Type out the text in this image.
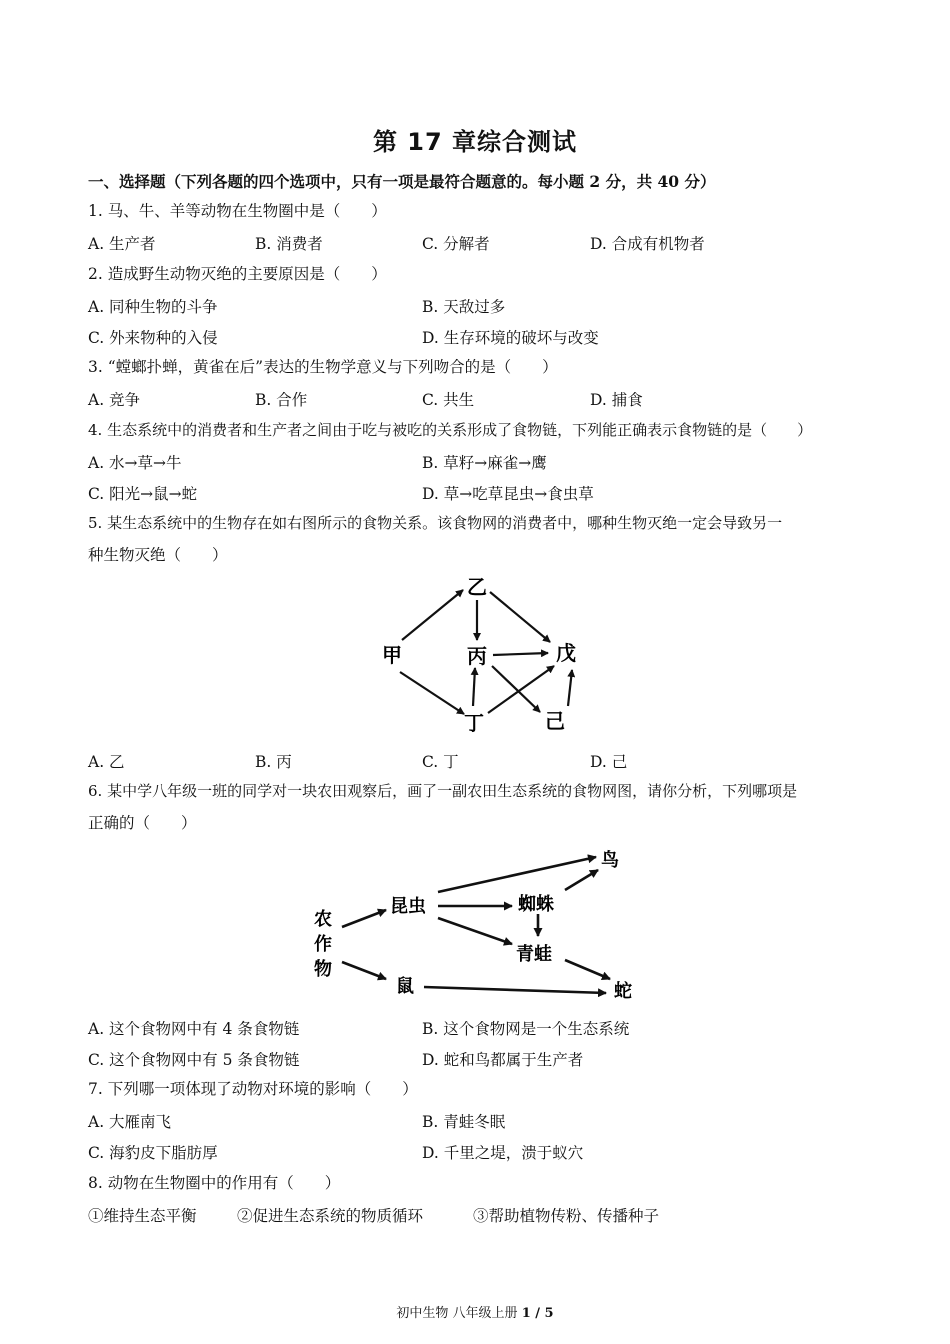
第 17 章综合测试
一、选择题（下列各题的四个选项中，只有一项是最符合题意的。每小题 2 分，共 40 分）
1. 马、牛、羊等动物在生物圈中是（　　）
A. 生产者	B. 消费者	C. 分解者	D. 合成有机物者
2. 造成野生动物灭绝的主要原因是（　　）
A. 同种生物的斗争	B. 天敌过多
C. 外来物种的入侵	D. 生存环境的破坏与改变
3. “螳螂扑蝉，黄雀在后”表达的生物学意义与下列吻合的是（　　）
A. 竞争	B. 合作	C. 共生	D. 捕食
4. 生态系统中的消费者和生产者之间由于吃与被吃的关系形成了食物链，下列能正确表示食物链的是（　　）
A. 水→草→牛	B. 草籽→麻雀→鹰
C. 阳光→鼠→蛇	D. 草→吃草昆虫→食虫草
5. 某生态系统中的生物存在如右图所示的食物关系。该食物网的消费者中，哪种生物灭绝一定会导致另一
种生物灭绝（　　）
甲
乙
丙	戊
丁	己
A. 乙	B. 丙	C. 丁	D. 己
6. 某中学八年级一班的同学对一块农田观察后，画了一副农田生态系统的食物网图，请你分析，下列哪项是
正确的（　　）
农
作
物
昆虫	蜘蛛
鸟
青蛙
鼠	蛇
A. 这个食物网中有 4 条食物链	B. 这个食物网是一个生态系统
C. 这个食物网中有 5 条食物链	D. 蛇和鸟都属于生产者
7. 下列哪一项体现了动物对环境的影响（　　）
A. 大雁南飞	B. 青蛙冬眠
C. 海豹皮下脂肪厚	D. 千里之堤，溃于蚁穴
8. 动物在生物圈中的作用有（　　）
①维持生态平衡	②促进生态系统的物质循环	③帮助植物传粉、传播种子
初中生物 八年级上册 1 / 5
